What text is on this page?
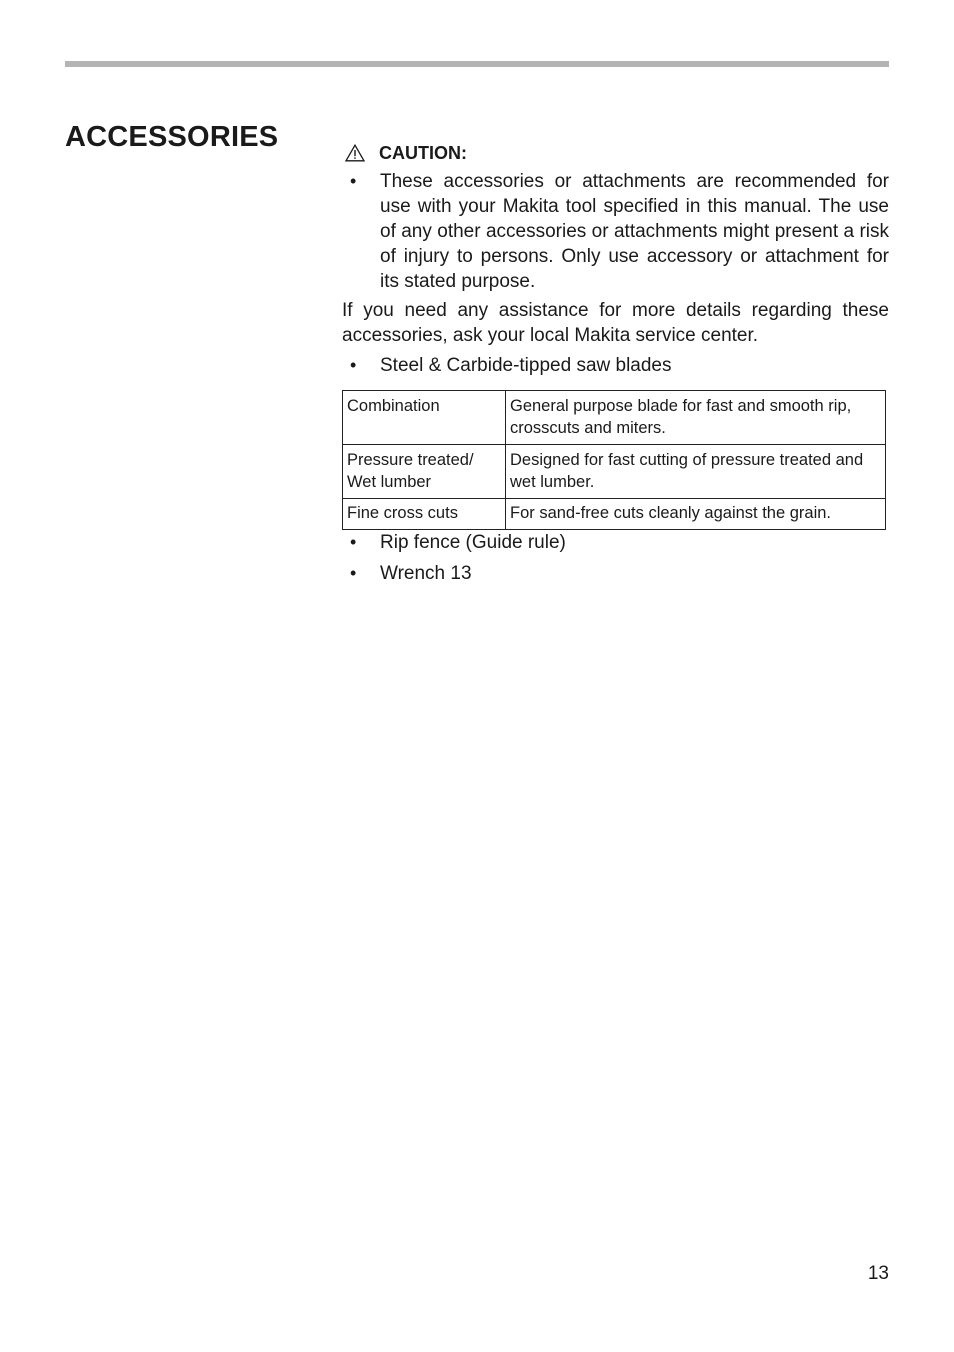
ACCESSORIES	CAUTION:
• These accessories or attachments are recommended for use with your Makita tool specified in this manual. The use of any other accessories or attachments might present a risk of injury to persons. Only use accessory or attachment for its stated purpose.

If you need any assistance for more details regarding these accessories, ask your local Makita service center.

• Steel & Carbide-tipped saw blades
Combination	General purpose blade for fast and smooth rip, crosscuts and miters.
Pressure treated/ Wet lumber	Designed for fast cutting of pressure treated and wet lumber.
Fine cross cuts	For sand-free cuts cleanly against the grain.
• Rip fence (Guide rule)
• Wrench 13
13
